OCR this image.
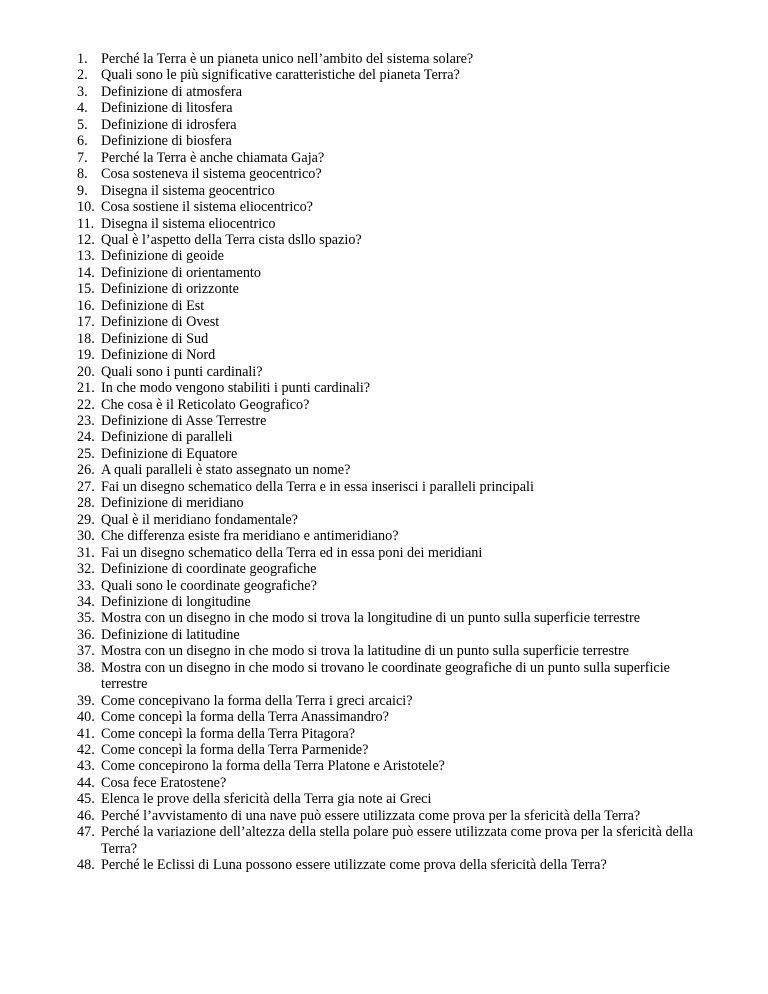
1. Perché la Terra è un pianeta unico nell’ambito del sistema solare?
2. Quali sono le più significative caratteristiche del pianeta Terra?
3. Definizione di atmosfera
4. Definizione di litosfera
5. Definizione di idrosfera
6. Definizione di biosfera
7. Perché la Terra è anche chiamata Gaja?
8. Cosa sosteneva il sistema geocentrico?
9. Disegna il sistema geocentrico
10. Cosa sostiene il sistema eliocentrico?
11. Disegna il sistema eliocentrico
12. Qual è l’aspetto della Terra cista dsllo spazio?
13. Definizione di geoide
14. Definizione di orientamento
15. Definizione di orizzonte
16. Definizione di Est
17. Definizione di Ovest
18. Definizione di Sud
19. Definizione di Nord
20. Quali sono i punti cardinali?
21. In che modo vengono stabiliti i punti cardinali?
22. Che cosa è il Reticolato Geografico?
23. Definizione di Asse Terrestre
24. Definizione di paralleli
25. Definizione di Equatore
26. A quali paralleli è stato assegnato un nome?
27. Fai un disegno schematico della Terra e in essa inserisci i paralleli principali
28. Definizione di meridiano
29. Qual è il meridiano fondamentale?
30. Che differenza esiste fra meridiano e antimeridiano?
31. Fai un disegno schematico della Terra ed in essa poni dei meridiani
32. Definizione di coordinate geografiche
33. Quali sono le coordinate geografiche?
34. Definizione di longitudine
35. Mostra con un disegno in che modo si trova la longitudine di un punto sulla superficie terrestre
36. Definizione di latitudine
37. Mostra con un disegno in che modo si trova la latitudine di un punto sulla superficie terrestre
38. Mostra con un disegno in che modo si trovano le coordinate geografiche di un punto sulla superficie terrestre
39. Come concepivano la forma della Terra i greci arcaici?
40. Come concepì la forma della Terra Anassimandro?
41. Come concepì la forma della Terra Pitagora?
42. Come concepì la forma della Terra Parmenide?
43. Come concepirono la forma della Terra Platone e Aristotele?
44. Cosa fece Eratostene?
45. Elenca le prove della sfericità della Terra gia note ai Greci
46. Perché l’avvistamento di una nave può essere utilizzata come prova per la sfericità della Terra?
47. Perché la variazione dell’altezza della stella polare può essere utilizzata come prova per la sfericità della Terra?
48. Perché le Eclissi di Luna possono essere utilizzate come prova della sfericità della Terra?
